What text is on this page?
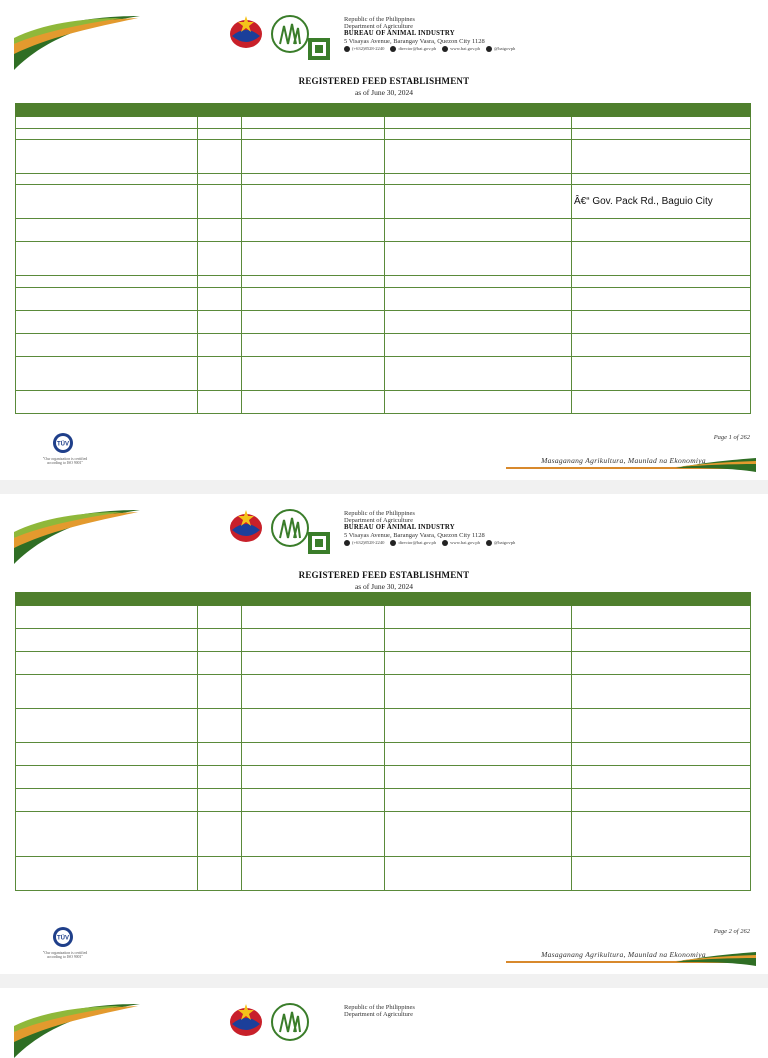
Republic of the Philippines
Department of Agriculture
BUREAU OF ANIMAL INDUSTRY
5 Visayas Avenue, Barangay Vasra, Quezon City 1128
(+632)8528-2240	director@bai.gov.ph	www.bai.gov.ph	@baigovph
REGISTERED FEED ESTABLISHMENT
as of June 30, 2024

				Â€“ Gov. Pack Rd., Baguio City

TÜV
"Our organization is certified
according to ISO 9001"
Page 1 of 262
Masaganang Agrikultura, Maunlad na Ekonomiya
Republic of the Philippines
Department of Agriculture
BUREAU OF ANIMAL INDUSTRY
5 Visayas Avenue, Barangay Vasra, Quezon City 1128
(+632)8528-2240	director@bai.gov.ph	www.bai.gov.ph	@baigovph
REGISTERED FEED ESTABLISHMENT
as of June 30, 2024

TÜV
"Our organization is certified
according to ISO 9001"
Page 2 of 262
Masaganang Agrikultura, Maunlad na Ekonomiya
Republic of the Philippines
Department of Agriculture
